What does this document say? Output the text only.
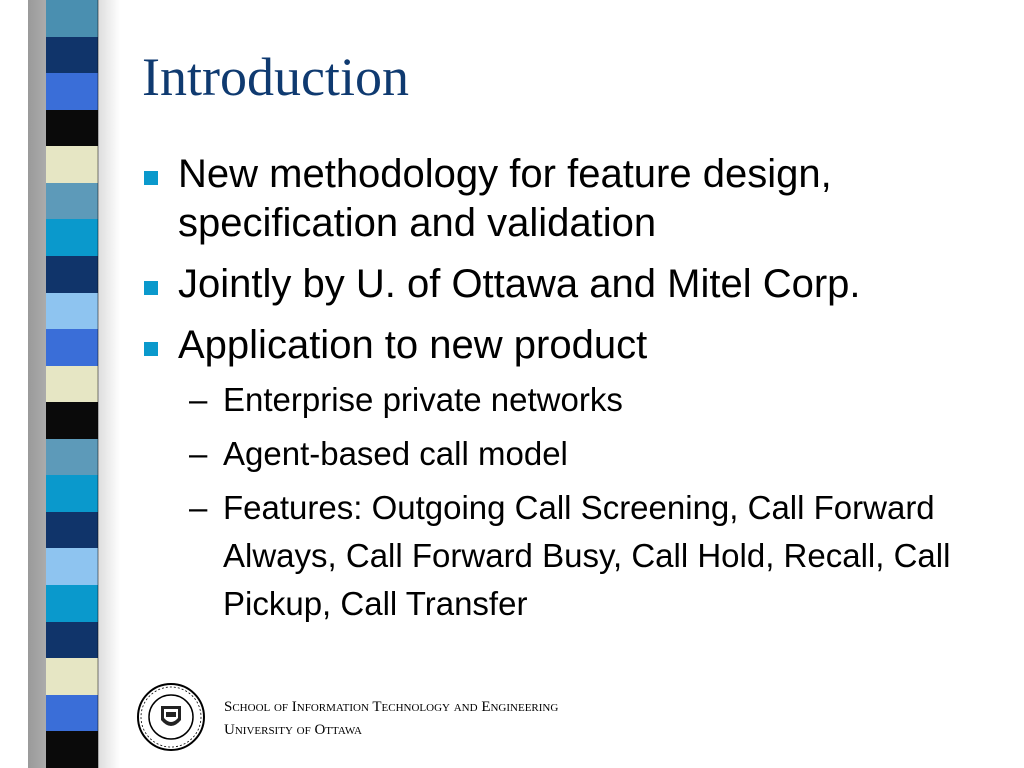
Introduction
New methodology for feature design, specification and validation
Jointly by U. of Ottawa and Mitel Corp.
Application to new product
– Enterprise private networks
– Agent-based call model
– Features: Outgoing Call Screening, Call Forward Always, Call Forward Busy, Call Hold, Recall, Call Pickup, Call Transfer
School of Information Technology and Engineering
University of Ottawa
